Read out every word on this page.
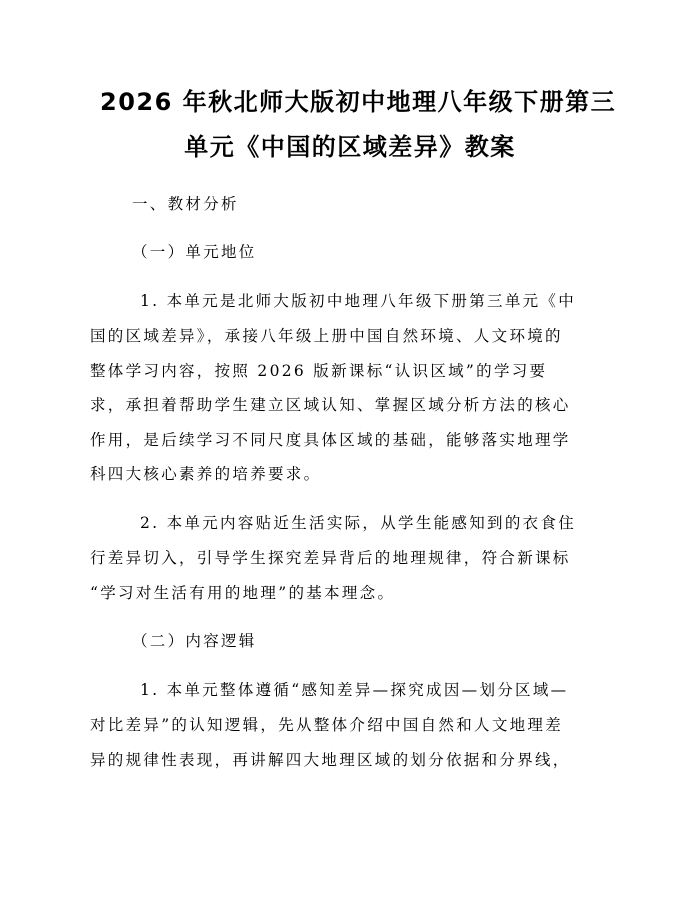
2026 年秋北师大版初中地理八年级下册第三
单元《中国的区域差异》教案
一、教材分析
（一）单元地位
1. 本单元是北师大版初中地理八年级下册第三单元《中
国的区域差异》，承接八年级上册中国自然环境、人文环境的
整体学习内容，按照 2026 版新课标“认识区域”的学习要
求，承担着帮助学生建立区域认知、掌握区域分析方法的核心
作用，是后续学习不同尺度具体区域的基础，能够落实地理学
科四大核心素养的培养要求。
2. 本单元内容贴近生活实际，从学生能感知到的衣食住
行差异切入，引导学生探究差异背后的地理规律，符合新课标
“学习对生活有用的地理”的基本理念。
（二）内容逻辑
1. 本单元整体遵循“感知差异—探究成因—划分区域—
对比差异”的认知逻辑，先从整体介绍中国自然和人文地理差
异的规律性表现，再讲解四大地理区域的划分依据和分界线，
